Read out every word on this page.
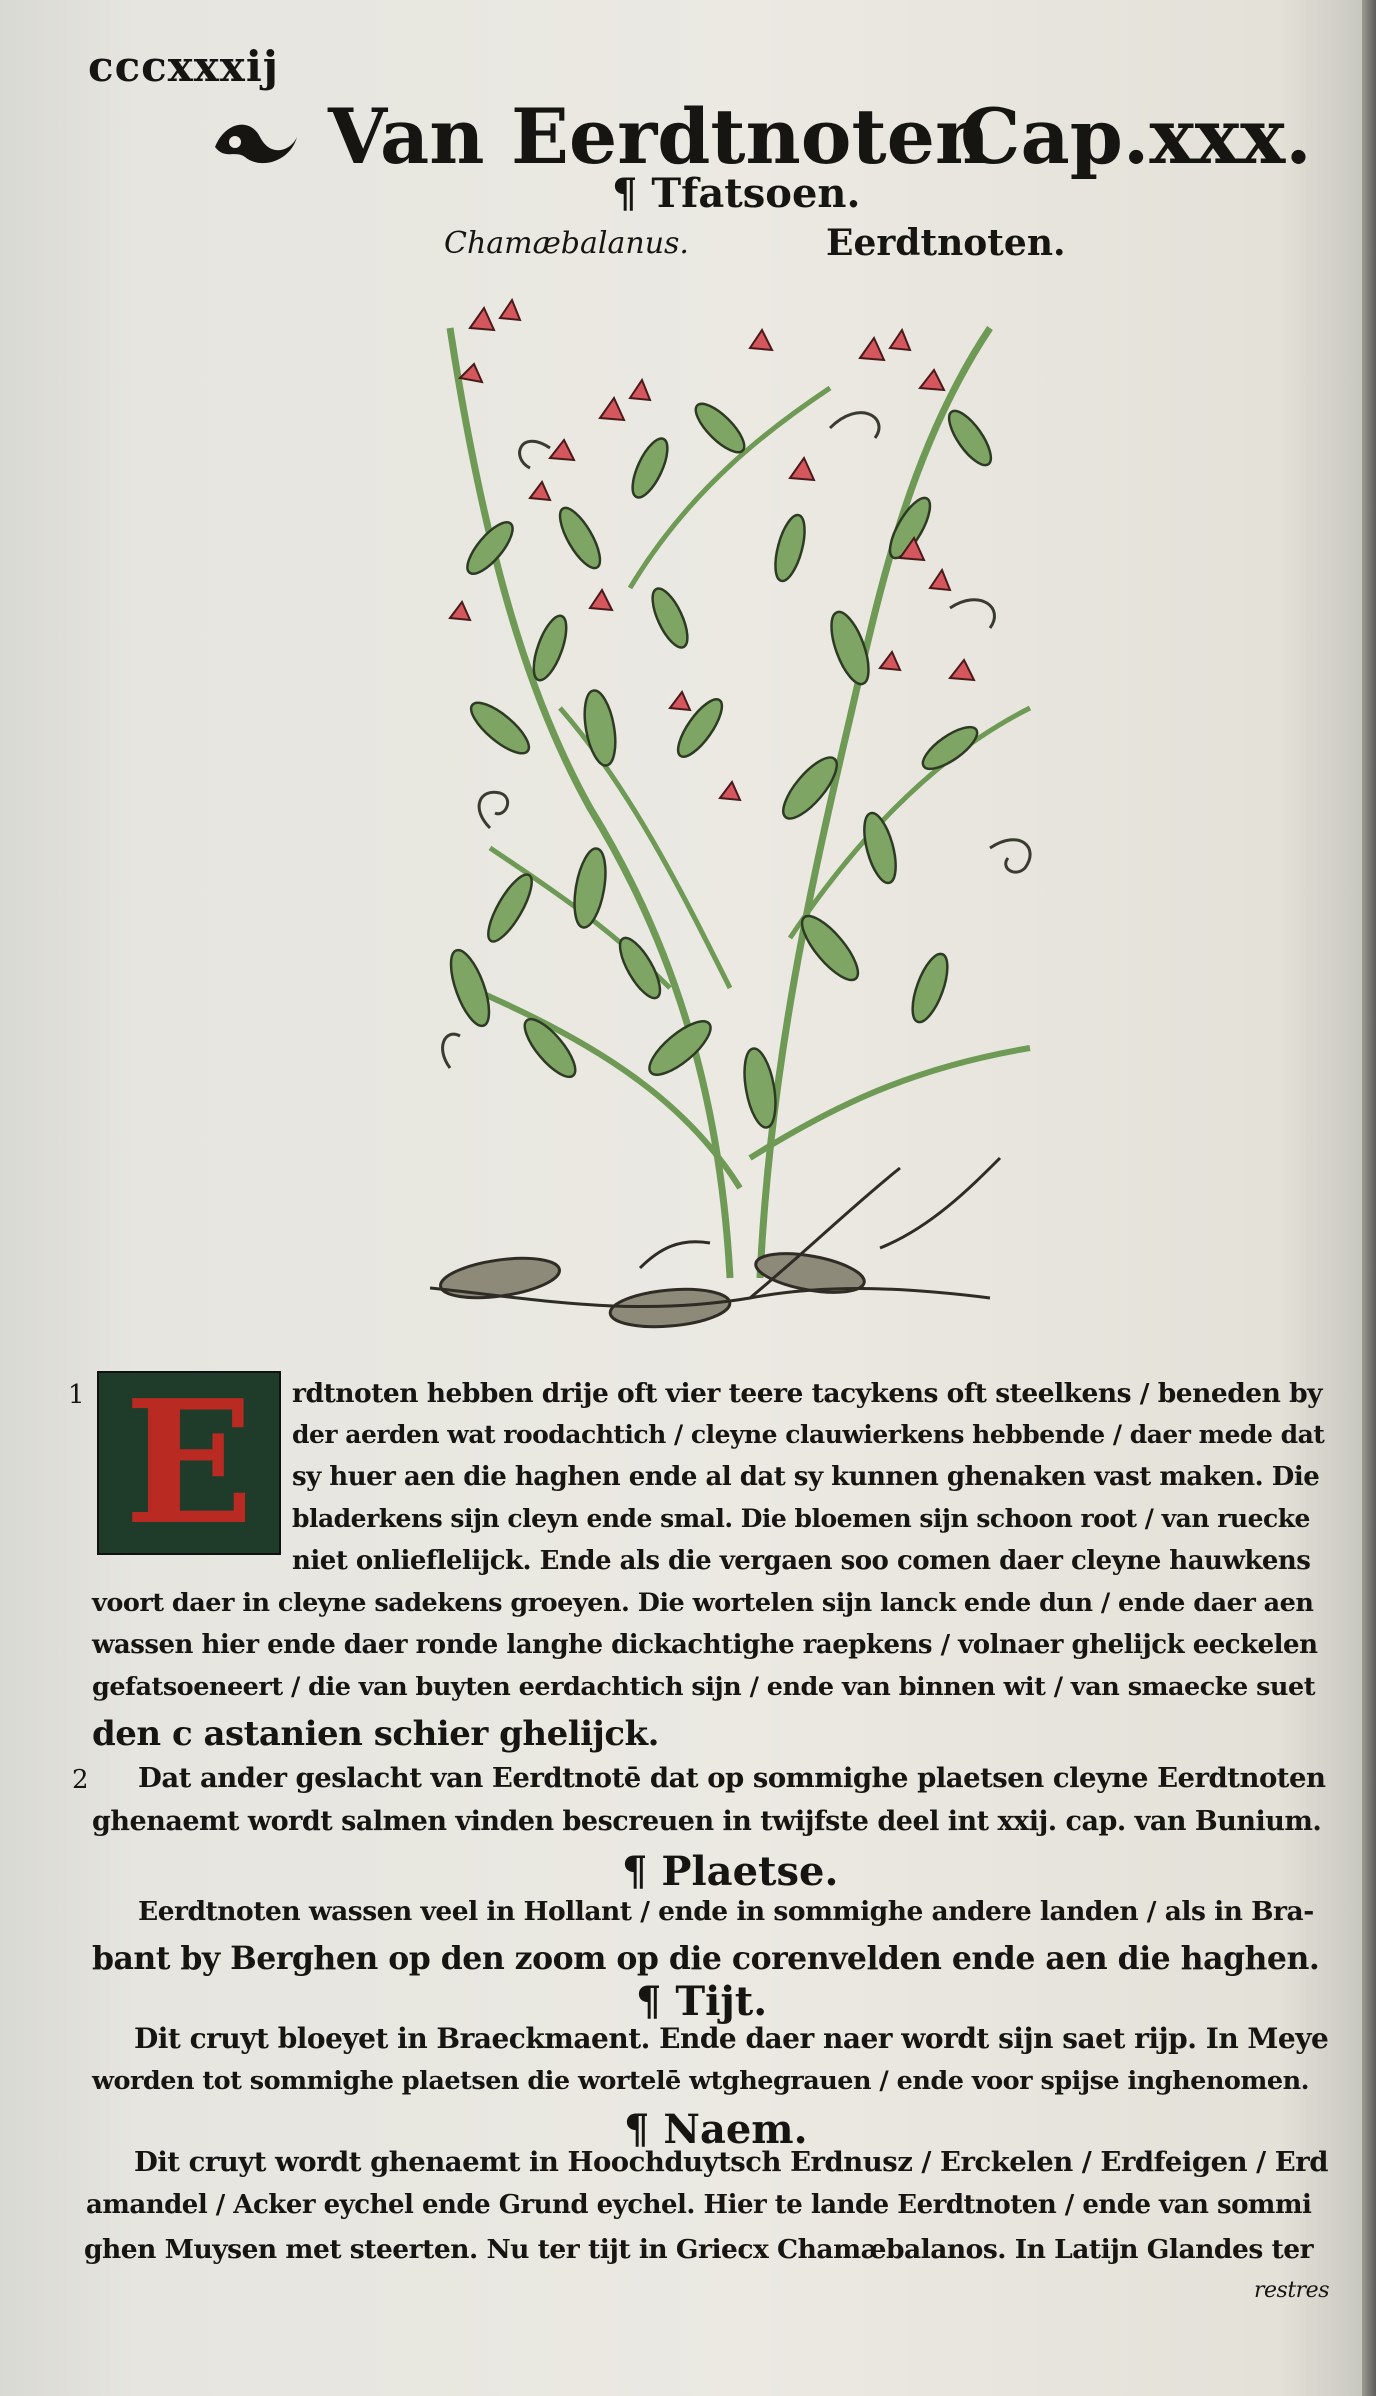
cccxxxij
Van Eerdtnoten
Cap.xxx.
¶ Tfatsoen.
Chamæbalanus.	Eerdtnoten.
1
2
E	rdtnoten hebben drije oft vier teere tacykens oft steelkens / beneden by
der aerden wat roodachtich / cleyne clauwierkens hebbende / daer mede dat
sy huer aen die haghen ende al dat sy kunnen ghenaken vast maken. Die
bladerkens sijn cleyn ende smal. Die bloemen sijn schoon root / van ruecke
niet onlieflelijck. Ende als die vergaen soo comen daer cleyne hauwkens
voort daer in cleyne sadekens groeyen. Die wortelen sijn lanck ende dun / ende daer aen
wassen hier ende daer ronde langhe dickachtighe raepkens / volnaer ghelijck eeckelen
gefatsoeneert / die van buyten eerdachtich sijn / ende van binnen wit / van smaecke suet
den c astanien schier ghelijck.
Dat ander geslacht van Eerdtnotē dat op sommighe plaetsen cleyne Eerdtnoten
ghenaemt wordt salmen vinden bescreuen in twijfste deel int xxij. cap. van Bunium.
¶ Plaetse.
Eerdtnoten wassen veel in Hollant / ende in sommighe andere landen / als in Bra-
bant by Berghen op den zoom op die corenvelden ende aen die haghen.
¶ Tijt.
Dit cruyt bloeyet in Braeckmaent. Ende daer naer wordt sijn saet rijp. In Meye
worden tot sommighe plaetsen die wortelē wtghegrauen / ende voor spijse inghenomen.
¶ Naem.
Dit cruyt wordt ghenaemt in Hoochduytsch Erdnusz / Erckelen / Erdfeigen / Erd
amandel / Acker eychel ende Grund eychel. Hier te lande Eerdtnoten / ende van sommi
ghen Muysen met steerten. Nu ter tijt in Griecx Chamæbalanos. In Latijn Glandes ter
restres
